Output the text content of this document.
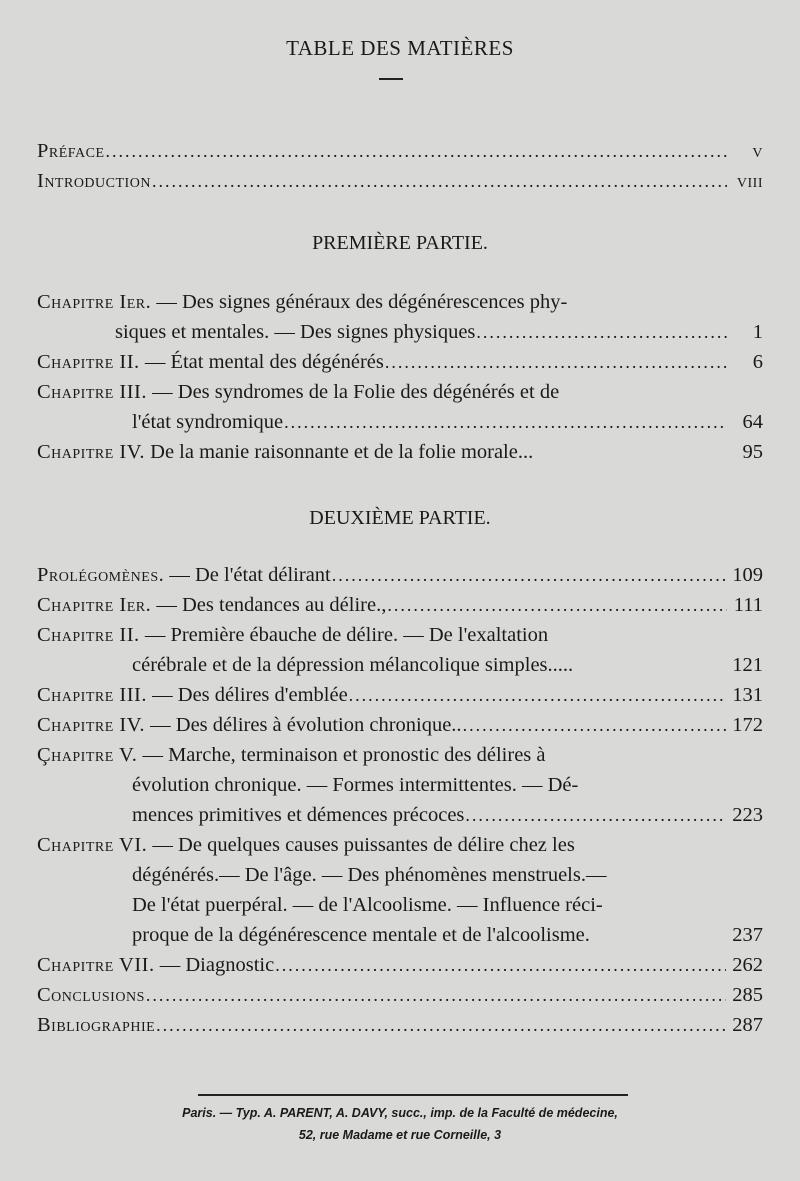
TABLE DES MATIÈRES
Préface .....	v
Introduction .....	viii
PREMIÈRE PARTIE.
Chapitre Ier. — Des signes généraux des dégénérescences phy-
siques et mentales. — Des signes physiques .....	1
Chapitre II. — État mental des dégénérés .....	6
Chapitre III. — Des syndromes de la Folie des dégénérés et de
l'état syndromique .....	64
Chapitre IV. De la manie raisonnante et de la folie morale...	95
DEUXIÈME PARTIE.
Prolégomènes. — De l'état délirant .....	109
Chapitre Ier. — Des tendances au délire., .....	111
Chapitre II. — Première ébauche de délire. — De l'exaltation
cérébrale et de la dépression mélancolique simples.....	121
Chapitre III. — Des délires d'emblée .....	131
Chapitre IV. — Des délires à évolution chronique.. .....	172
Çhapitre V. — Marche, terminaison et pronostic des délires à
évolution chronique. — Formes intermittentes. — Dé-
mences primitives et démences précoces .....	223
Chapitre VI. — De quelques causes puissantes de délire chez les
dégénérés.— De l'âge. — Des phénomènes menstruels.—
De l'état puerpéral. — de l'Alcoolisme. — Influence réci-
proque de la dégénérescence mentale et de l'alcoolisme.	237
Chapitre VII. — Diagnostic .....	262
Conclusions .....	285
Bibliographie .....	287
Paris. — Typ. A. PARENT, A. DAVY, succ., imp. de la Faculté de médecine,
52, rue Madame et rue Corneille, 3
